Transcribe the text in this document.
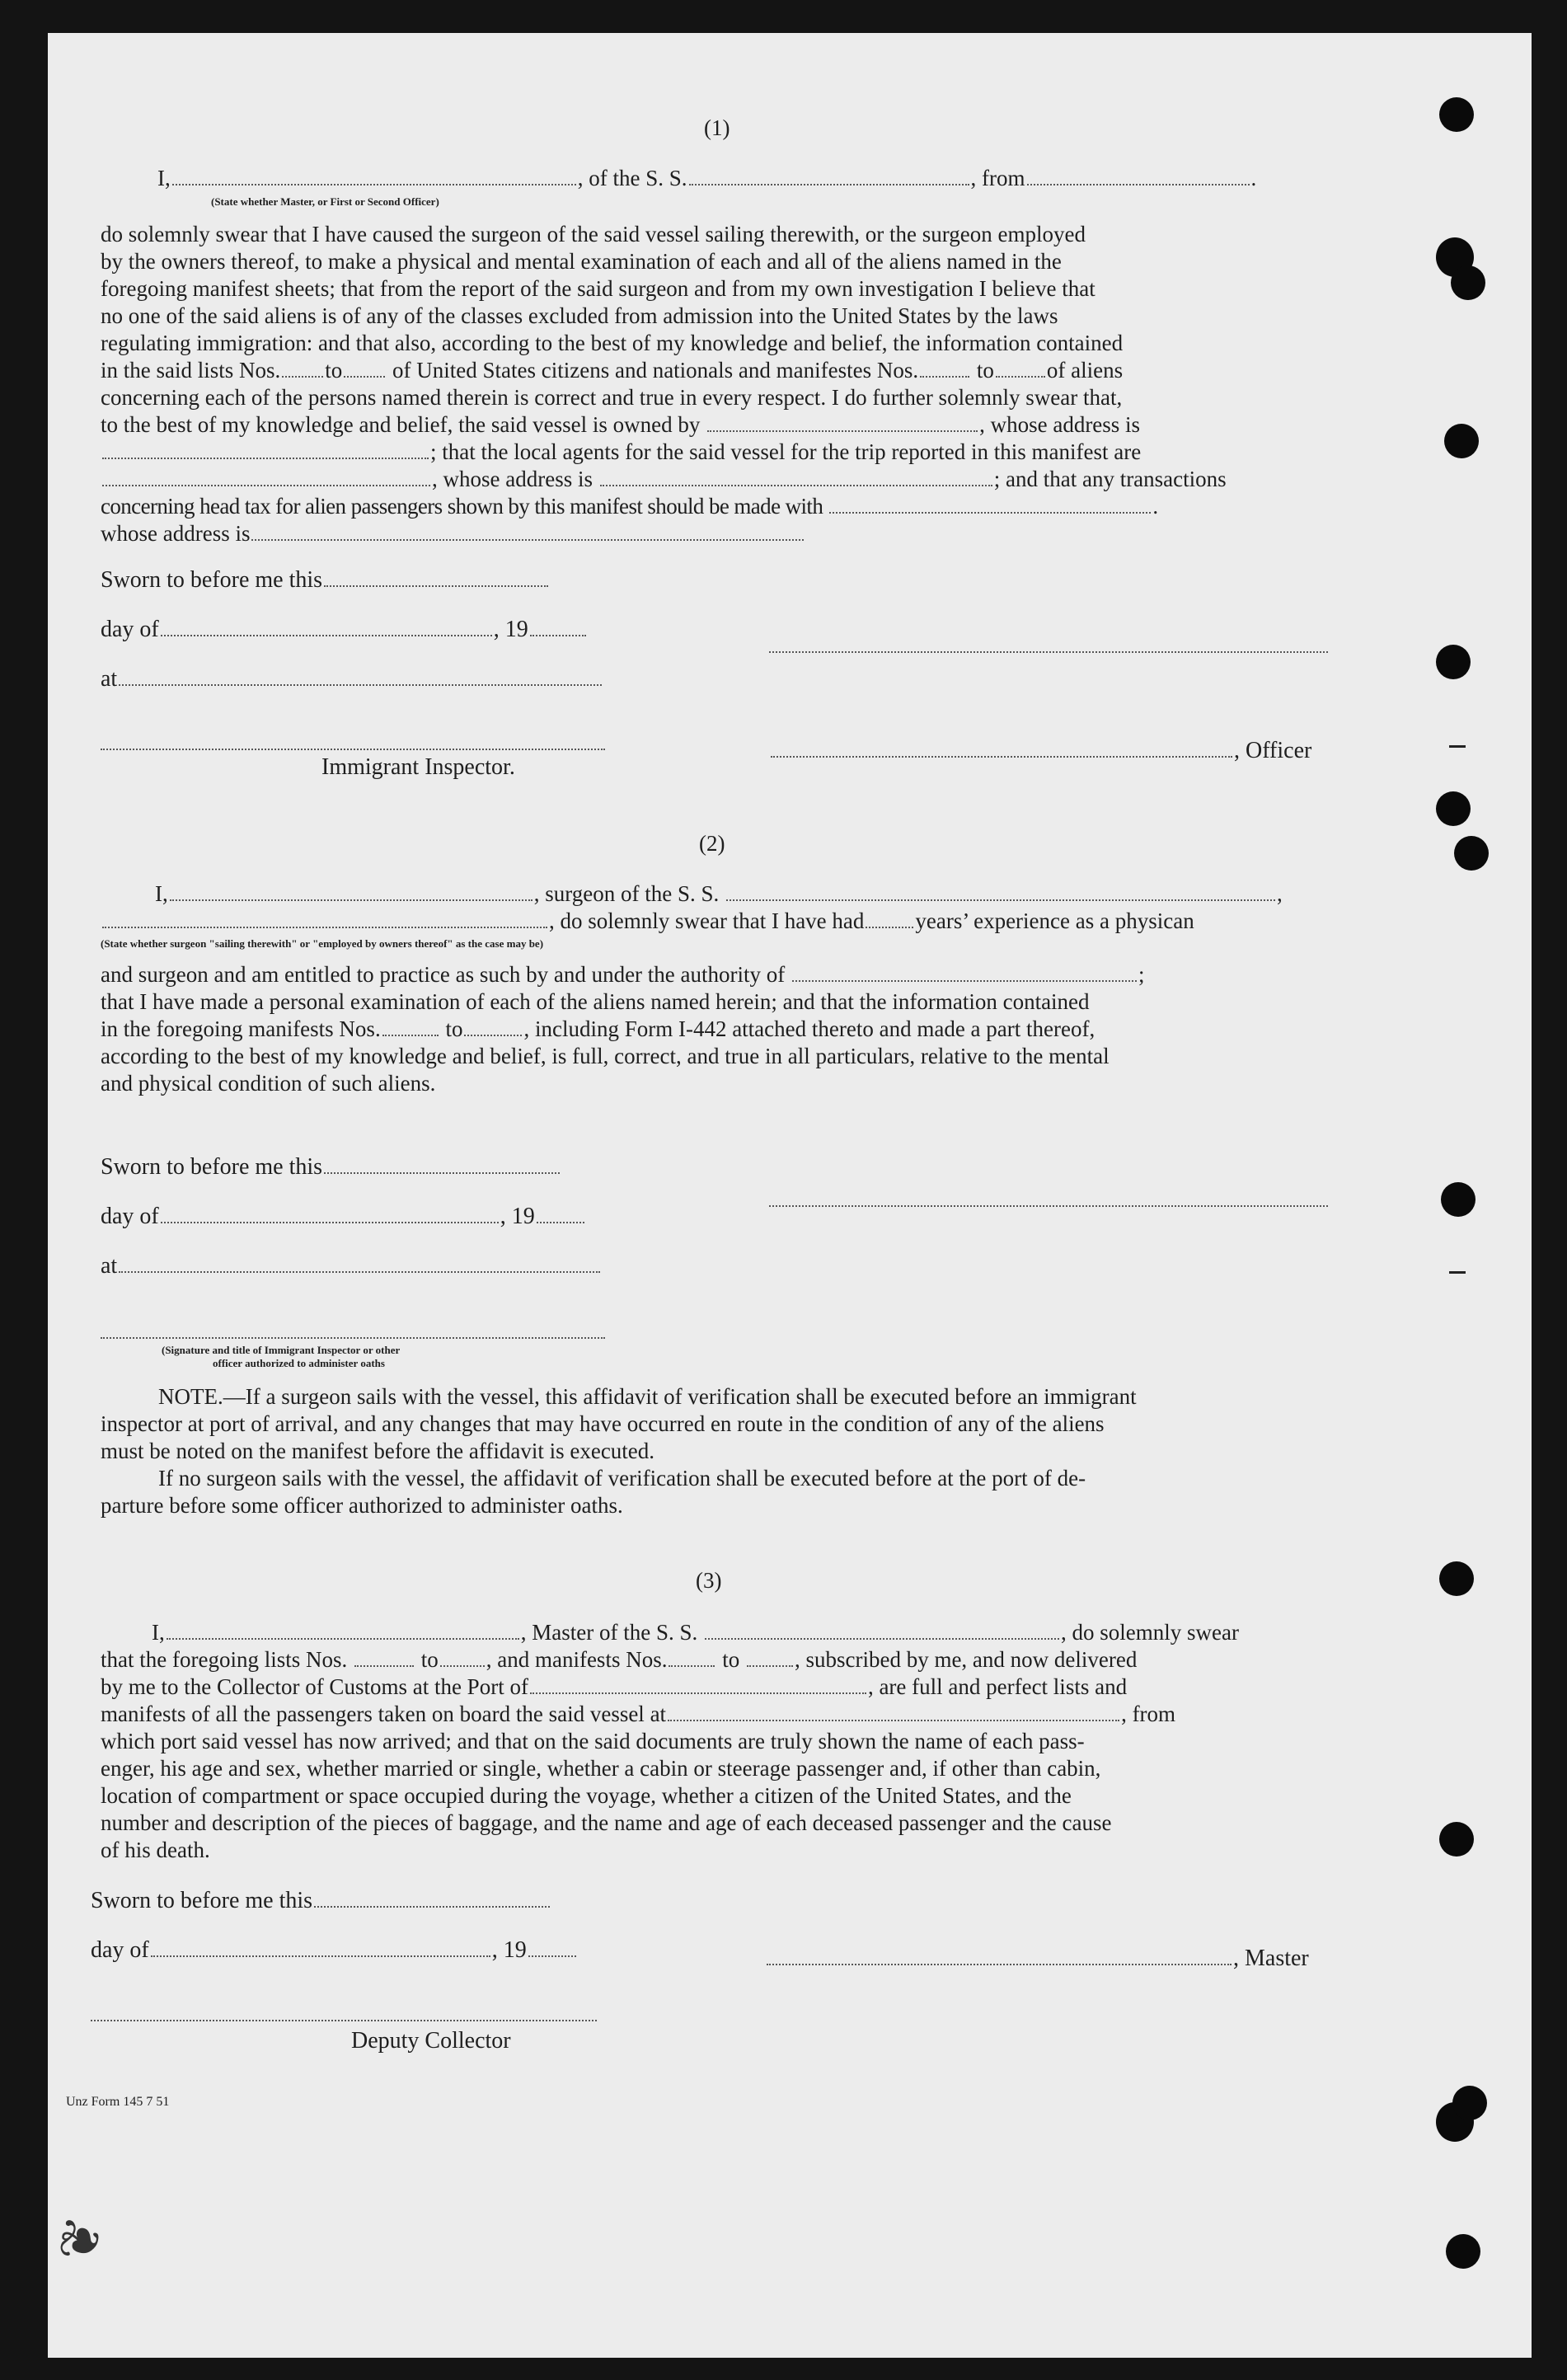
(1)
I,	, of the S. S.	, from	.
(State whether Master, or First or Second Officer)

do solemnly swear that I have caused the surgeon of the said vessel sailing therewith, or the surgeon employed

by the owners thereof, to make a physical and mental examination of each and all of the aliens named in the

foregoing manifest sheets; that from the report of the said surgeon and from my own investigation I believe that

no one of the said aliens is of any of the classes excluded from admission into the United States by the laws

regulating immigration: and that also, according to the best of my knowledge and belief, the information contained

in the said lists Nos. to of United States citizens and nationals and manifestes Nos.	to of aliens
concerning each of the persons named therein is correct and true in every respect. I do further solemnly swear that,
to the best of my knowledge and belief, the said vessel is owned by	, whose address is
; that the local agents for the said vessel for the trip reported in this manifest are
, whose address is	; and that any transactions
concerning head tax for alien passengers shown by this manifest should be made with	.
whose address is
Sworn to before me this
day of	, 19
at
Immigrant Inspector.
, Officer
(2)
I,	, surgeon of the S. S.	,
, do solemnly swear that I have had years’ experience as a physican
(State whether surgeon "sailing therewith" or "employed by owners thereof" as the case may be)
and surgeon and am entitled to practice as such by and under the authority of	;
that I have made a personal examination of each of the aliens named herein; and that the information contained
in the foregoing manifests Nos.	to	, including Form I-442 attached thereto and made a part thereof,

according to the best of my knowledge and belief, is full, correct, and true in all particulars, relative to the mental

and physical condition of such aliens.

Sworn to before me this
day of	, 19
at
(Signature and title of Immigrant Inspector or other
officer authorized to administer oaths

NOTE.—If a surgeon sails with the vessel, this affidavit of verification shall be executed before an immigrant

inspector at port of arrival, and any changes that may have occurred en route in the condition of any of the aliens

must be noted on the manifest before the affidavit is executed.

If no surgeon sails with the vessel, the affidavit of verification shall be executed before at the port of de-

parture before some officer authorized to administer oaths.

(3)
I,	, Master of the S. S.	, do solemnly swear
that the foregoing lists Nos.	to , and manifests Nos. to , subscribed by me, and now delivered
by me to the Collector of Customs at the Port of	, are full and perfect lists and
manifests of all the passengers taken on board the said vessel at	, from

which port said vessel has now arrived; and that on the said documents are truly shown the name of each pass-

enger, his age and sex, whether married or single, whether a cabin or steerage passenger and, if other than cabin,

location of compartment or space occupied during the voyage, whether a citizen of the United States, and the

number and description of the pieces of baggage, and the name and age of each deceased passenger and the cause

of his death.

Sworn to before me this
day of	, 19	, Master
Deputy Collector
Unz Form 145 7 51
❦
